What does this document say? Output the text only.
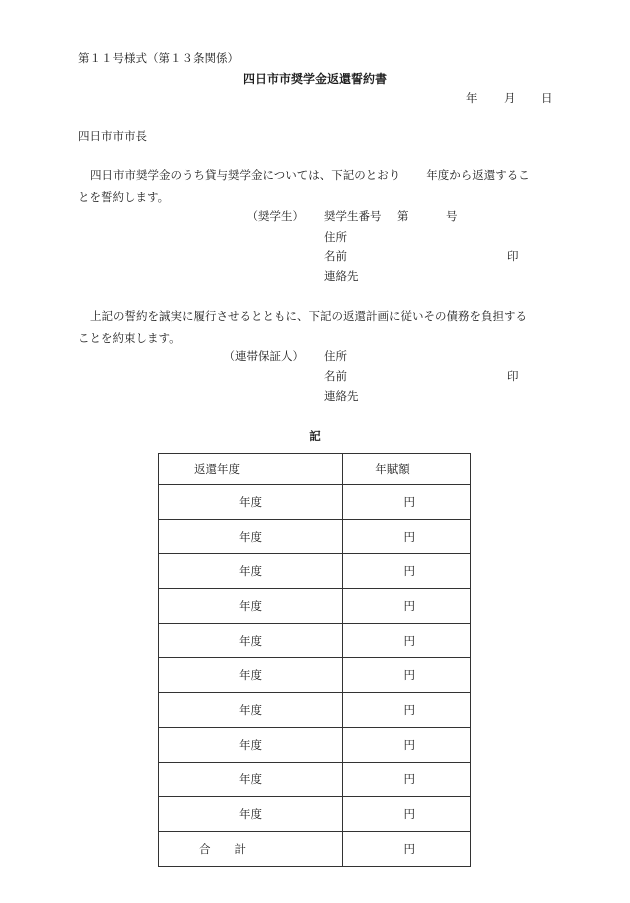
第１１号様式（第１３条関係）
四日市市奨学金返還誓約書
年 月 日
四日市市市長
四日市市奨学金のうち貸与奨学金については、下記のとおり 年度から返還するこ
とを誓約します。
（奨学生） 奨学生番号 第	号
住所
名前	印
連絡先
上記の誓約を誠実に履行させるとともに、下記の返還計画に従いその債務を負担する
ことを約束します。
（連帯保証人） 住所
名前	印
連絡先
記
返還年度	年賦額
年度	円
年度	円
年度	円
年度	円
年度	円
年度	円
年度	円
年度	円
年度	円
年度	円
合 計	円
